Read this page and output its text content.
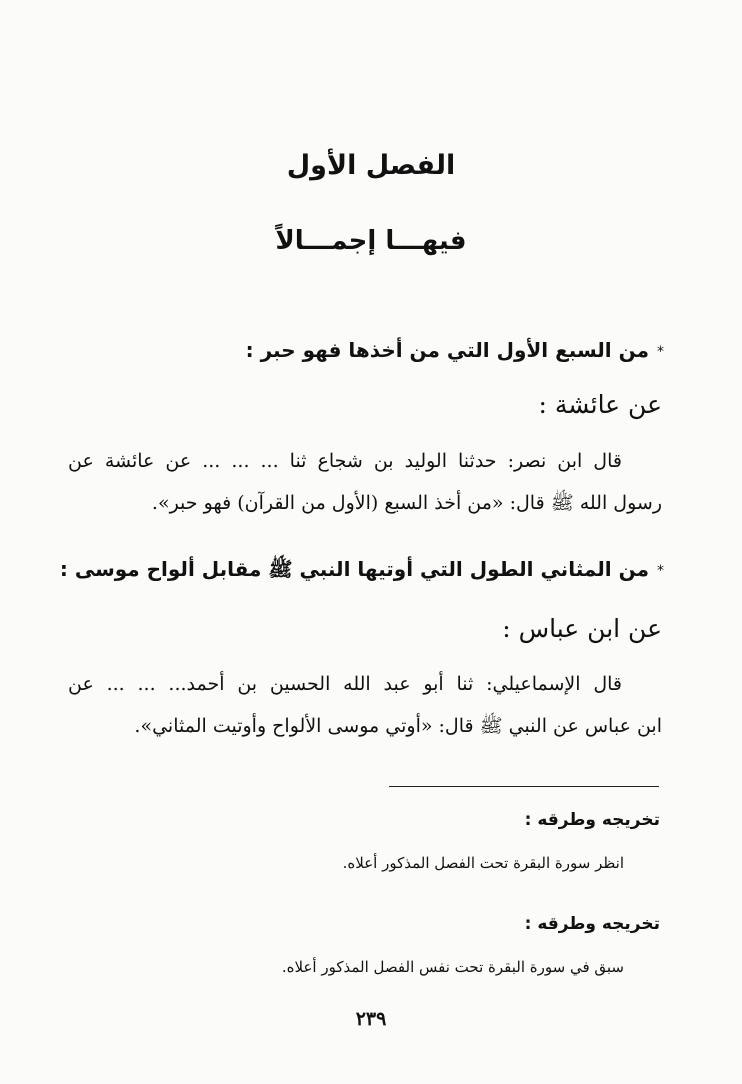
الفصل الأول
فيهـــا إجمـــالاً
*من السبع الأول التي من أخذها فهو حبر :
عن عائشة :
قال ابن نصر: حدثنا الوليد بن شجاع ثنا ... ... ... عن عائشة عن
رسول الله ﷺ قال: «من أخذ السبع (الأول من القرآن) فهو حبر».
*من المثاني الطول التي أوتيها النبي ﷺ مقابل ألواح موسى :
عن ابن عباس :
قال الإسماعيلي: ثنا أبو عبد الله الحسين بن أحمد... ... ... عن
ابن عباس عن النبي ﷺ قال: «أوتي موسى الألواح وأوتيت المثاني».
تخريجه وطرقه :
انظر سورة البقرة تحت الفصل المذكور أعلاه.
تخريجه وطرقه :
سبق في سورة البقرة تحت نفس الفصل المذكور أعلاه.
٢٣٩
